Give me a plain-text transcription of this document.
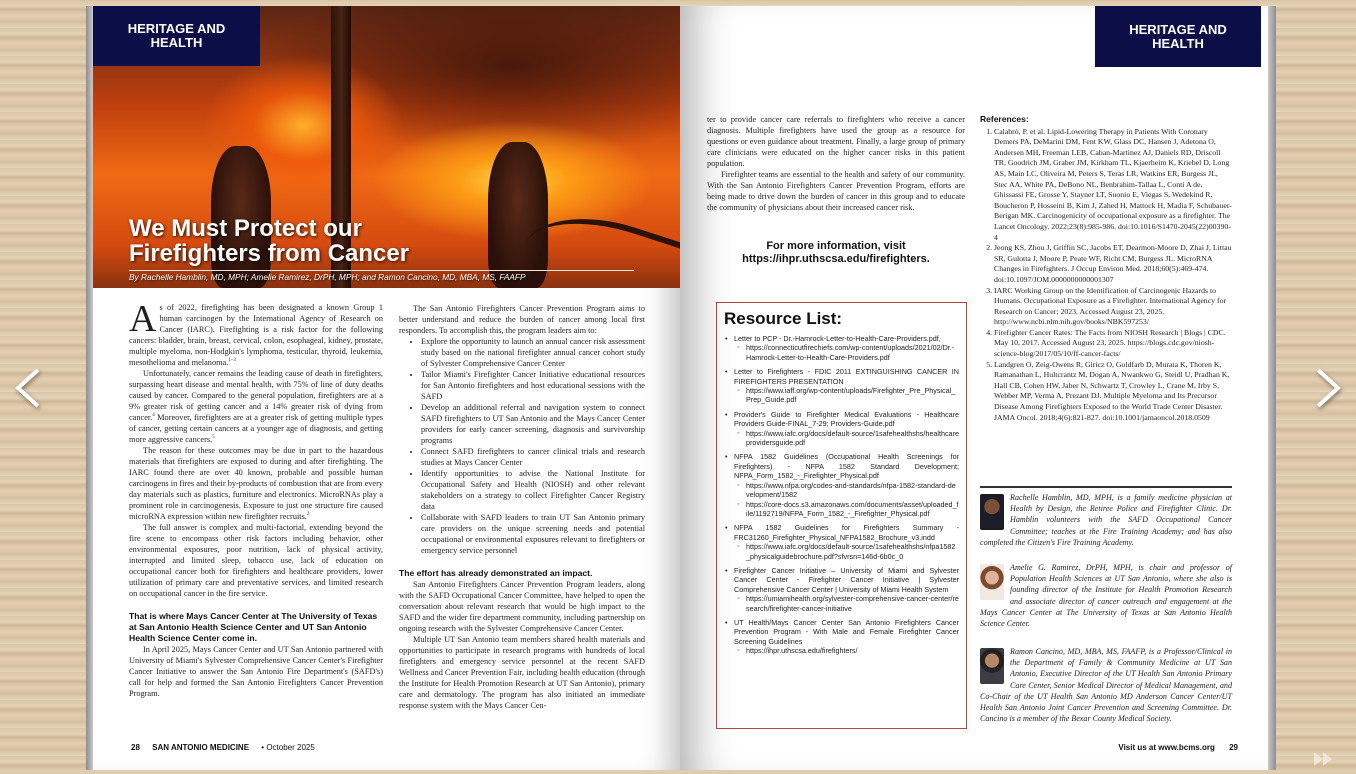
HERITAGE AND HEALTH
We Must Protect our
Firefighters from Cancer
By Rachelle Hamblin, MD, MPH; Amelie Ramirez, DrPH, MPH; and Ramon Cancino, MD, MBA, MS, FAAFP

As of 2022, firefighting has been designated a known Group 1 human carcinogen by the International Agency of Research on Cancer (IARC). Firefighting is a risk factor for the following cancers: bladder, brain, breast, cervical, colon, esophageal, kidney, prostate, multiple myeloma, non-Hodgkin's lymphoma, testicular, thyroid, leukemia, mesothelioma and melanoma.$^{1-3}$

Unfortunately, cancer remains the leading cause of death in firefighters, surpassing heart disease and mental health, with 75% of line of duty deaths caused by cancer. Compared to the general population, firefighters are at a 9% greater risk of getting cancer and a 14% greater risk of dying from cancer.$^4$ Moreover, firefighters are at a greater risk of getting multiple types of cancer, getting certain cancers at a younger age of diagnosis, and getting more aggressive cancers.$^5$

The reason for these outcomes may be due in part to the hazardous materials that firefighters are exposed to during and after firefighting. The IARC found there are over 40 known, probable and possible human carcinogens in fires and their by-products of combustion that are from every day materials such as plastics, furniture and electronics. MicroRNAs play a prominent role in carcinogenesis. Exposure to just one structure fire caused microRNA expression within new firefighter recruits.$^2$

The full answer is complex and multi-factorial, extending beyond the fire scene to encompass other risk factors including behavior, other environmental exposures, poor nutrition, lack of physical activity, interrupted and limited sleep, tobacco use, lack of education on occupational cancer both for firefighters and healthcare providers, lower utilization of primary care and preventative services, and limited research on occupational cancer in the fire service.

That is where Mays Cancer Center at The University of Texas at San Antonio Health Science Center and UT San Antonio Health Science Center come in.

In April 2025, Mays Cancer Center and UT San Antonio partnered with University of Miami's Sylvester Comprehensive Cancer Center's Firefighter Cancer Initiative to answer the San Antonio Fire Department's (SAFD's) call for help and formed the San Antonio Firefighters Cancer Prevention Program.

The San Antonio Firefighters Cancer Prevention Program aims to better understand and reduce the burden of cancer among local first responders. To accomplish this, the program leaders aim to:

• Explore the opportunity to launch an annual cancer risk assessment study based on the national firefighter annual cancer cohort study of Sylvester Comprehensive Cancer Center
• Tailor Miami's Firefighter Cancer Initiative educational resources for San Antonio firefighters and host educational sessions with the SAFD
• Develop an additional referral and navigation system to connect SAFD firefighters to UT San Antonio and the Mays Cancer Center providers for early cancer screening, diagnosis and survivorship programs
• Connect SAFD firefighters to cancer clinical trials and research studies at Mays Cancer Center
• Identify opportunities to advise the National Institute for Occupational Safety and Health (NIOSH) and other relevant stakeholders on a strategy to collect Firefighter Cancer Registry data
• Collaborate with SAFD leaders to train UT San Antonio primary care providers on the unique screening needs and potential occupational or environmental exposures relevant to firefighters or emergency service personnel
The effort has already demonstrated an impact.

San Antonio Firefighters Cancer Prevention Program leaders, along with the SAFD Occupational Cancer Committee, have helped to open the conversation about relevant research that would be high impact to the SAFD and the wider fire department community, including partnership on ongoing research with the Sylvester Comprehensive Cancer Center.

Multiple UT San Antonio team members shared health materials and opportunities to participate in research programs with hundreds of local firefighters and emergency service personnel at the recent SAFD Wellness and Cancer Prevention Fair, including health education (through the Institute for Health Promotion Research at UT San Antonio), primary care and dermatology. The program has also initiated an immediate response system with the Mays Cancer Cen-

28 SAN ANTONIO MEDICINE • October 2025
HERITAGE AND HEALTH

ter to provide cancer care referrals to firefighters who receive a cancer diagnosis. Multiple firefighters have used the group as a resource for questions or even guidance about treatment. Finally, a large group of primary care clinicians were educated on the higher cancer risks in this patient population.

Firefighter teams are essential to the health and safety of our community. With the San Antonio Firefighters Cancer Prevention Program, efforts are being made to drive down the burden of cancer in this group and to educate the community of physicians about their increased cancer risk.

For more information, visit
https://ihpr.uthscsa.edu/firefighters.
Resource List:
• Letter to PCP - Dr.-Hamrock-Letter-to-Health-Care-Providers.pdf,
◦ https://connecticutfirechiefs.com/wp-content/uploads/2021/02/Dr.-Hamrock-Letter-to-Health-Care-Providers.pdf
• Letter to Firefighters - FDIC 2011 EXTINGUISHING CANCER IN FIREFIGHTERS PRESENTATION
◦ https://www.iaff.org/wp-content/uploads/Firefighter_Pre_Physical_Prep_Guide.pdf
• Provider's Guide to Firefighter Medical Evaluations - Healthcare Providers Guide-FINAL_7-29; Providers-Guide.pdf
◦ https://www.iafc.org/docs/default-source/1safehealthshs/healthcareprovidersguide.pdf
• NFPA 1582 Guidelines (Occupational Health Screenings for Firefighters) - NFPA 1582 Standard Development; NFPA_Form_1582_-_Firefighter_Physical.pdf
◦ https://www.nfpa.org/codes-and-standards/nfpa-1582-standard-development/1582
◦ https://core-docs.s3.amazonaws.com/documents/asset/uploaded_file/1192719/NFPA_Form_1582_-_Firefighter_Physical.pdf
• NFPA 1582 Guidelines for Firefighters Summary - FRC31260_Firefighter_Physical_NFPA1582_Brochure_v3.indd
◦ https://www.iafc.org/docs/default-source/1safehealthshs/nfpa1582_physicalguidebrochure.pdf?sfvrsn=146d-6b0c_0
• Firefighter Cancer Initiative – University of Miami and Sylvester Cancer Center - Firefighter Cancer Initiative | Sylvester Comprehensive Cancer Center | University of Miami Health System
◦ https://umiamihealth.org/sylvester-comprehensive-cancer-center/research/firefighter-cancer-initiative
• UT Health/Mays Cancer Center San Antonio Firefighters Cancer Prevention Program - With Male and Female Firefighter Cancer Screening Guidelines
◦ https://ihpr.uthscsa.edu/firefighters/
References:
1. Calabrò, P. et al. Lipid-Lowering Therapy in Patients With Coronary Demers PA, DeMarini DM, Fent KW, Glass DC, Hansen J, Adetona O, Andersen MH, Freeman LEB, Caban-Martinez AJ, Daniels RD, Driscoll TR, Goodrich JM, Graber JM, Kirkham TL, Kjaerheim K, Kriebel D, Long AS, Main LC, Oliveira M, Peters S, Teras LR, Watkins ER, Burgess JL, Stec AA, White PA, DeBono NL, Benbrahim-Tallaa L, Conti A de, Ghissassi FE, Grosse Y, Stayner LT, Suonio E, Viegas S, Wedekind R, Boucheron P, Hosseini B, Kim J, Zahed H, Mattock H, Madia F, Schubauer-Berigan MK. Carcinogenicity of occupational exposure as a firefighter. The Lancet Oncology. 2022;23(8):985-986. doi:10.1016/S1470-2045(22)00390-4
2. Jeong KS, Zhou J, Griffin SC, Jacobs ET, Dearmon-Moore D, Zhai J, Littau SR, Gulotta J, Moore P, Peate WF, Richt CM, Burgess JL. MicroRNA Changes in Firefighters. J Occup Environ Med. 2018;60(5):469-474. doi:10.1097/JOM.0000000000001307
3. IARC Working Group on the Identification of Carcinogenic Hazards to Humans. Occupational Exposure as a Firefighter. International Agency for Research on Cancer; 2023. Accessed August 23, 2025. http://www.ncbi.nlm.nih.gov/books/NBK597253/
4. Firefighter Cancer Rates: The Facts from NIOSH Research | Blogs | CDC. May 10, 2017. Accessed August 23, 2025. https://blogs.cdc.gov/niosh-science-blog/2017/05/10/ff-cancer-facts/
5. Landgren O, Zeig-Owens R, Giricz O, Goldfarb D, Murata K, Thoren K, Ramanathan L, Hultcrantz M, Dogan A, Nwankwo G, Steidl U, Pradhan K, Hall CB, Cohen HW, Jaber N, Schwartz T, Crowley L, Crane M, Irby S, Webber MP, Verma A, Prezant DJ. Multiple Myeloma and Its Precursor Disease Among Firefighters Exposed to the World Trade Center Disaster. JAMA Oncol. 2018;4(6):821-827. doi:10.1001/jamaoncol.2018.0509
Rachelle Hamblin, MD, MPH, is a family medicine physician at Health by Design, the Retiree Police and Firefighter Clinic. Dr. Hamblin volunteers with the SAFD Occupational Cancer Committee; teaches at the Fire Training Academy; and has also completed the Citizen's Fire Training Academy.
Amelie G. Ramirez, DrPH, MPH, is chair and professor of Population Health Sciences at UT San Antonio, where she also is founding director of the Institute for Health Promotion Research and associate director of cancer outreach and engagement at the Mays Cancer Center at The University of Texas at San Antonio Health Science Center.
Ramon Cancino, MD, MBA, MS, FAAFP, is a Professor/Clinical in the Department of Family & Community Medicine at UT San Antonio, Executive Director of the UT Health San Antonio Primary Care Center, Senior Medical Director of Medical Management, and Co-Chair of the UT Health San Antonio MD Anderson Cancer Center/UT Health San Antonio Joint Cancer Prevention and Screening Committee. Dr. Cancino is a member of the Bexar County Medical Society.
Visit us at www.bcms.org 29
